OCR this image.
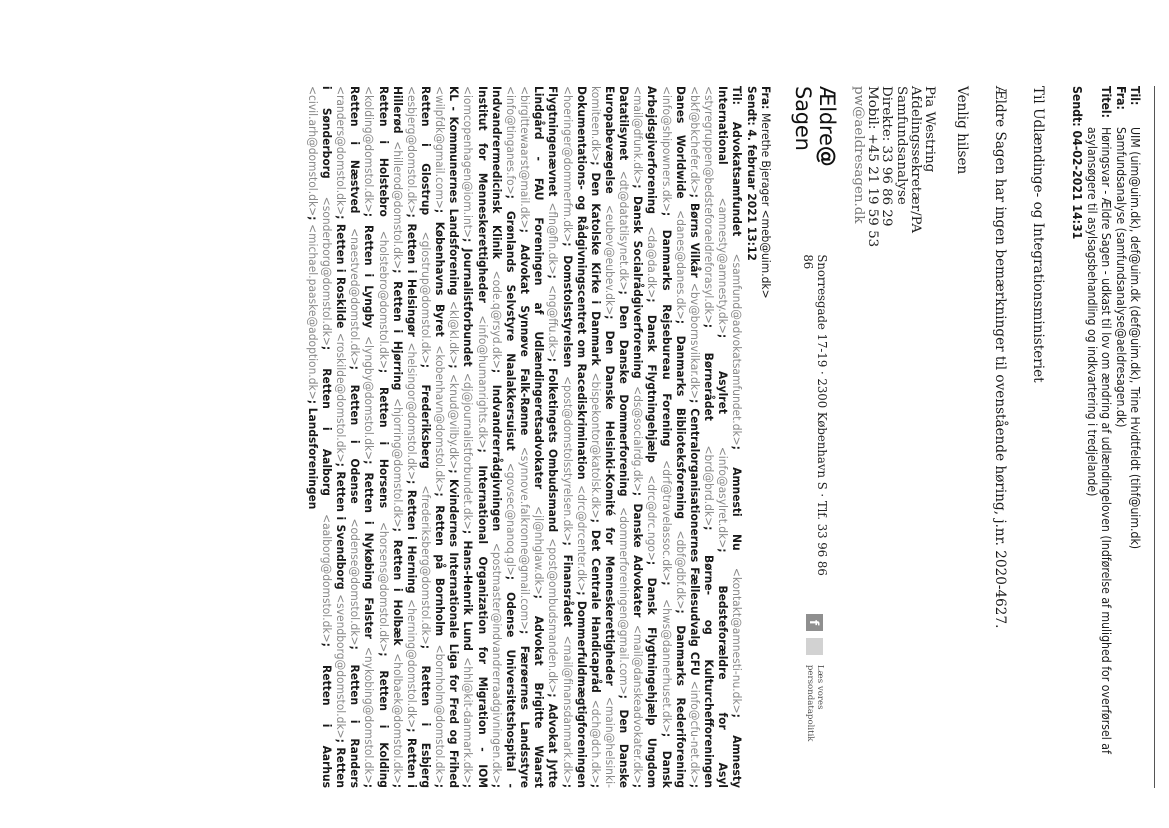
Til:
UIM (uim@uim.dk), def@uim.dk (def@uim.dk), Trine Hvidtfeldt (tihf@uim.dk)
Fra:
Samfundsanalyse (samfundsanalyse@aeldresagen.dk)
Titel:
Høringsvar - Ældre Sagen - udkast til lov om ændring af udlændingeloven (Indførelse af mulighed for overførsel af asylansøgere til asylsagsbehandling og indkvartering i tredjelande)
Sendt: 04-02-2021 14:31
Til Udlændinge- og Integrationsministeriet
Ældre Sagen har ingen bemærkninger til ovenstående høring, j.nr. 2020-4627.
Venlig hilsen
Pia Westring
Afdelingssekretær/PA
Samfundsanalyse
Direkte: 33 96 86 29
Mobil: +45 21 19 59 53
pw@aeldresagen.dk
Ældre@Sagen
Snorresgade 17-19 · 2300 København S · Tlf. 33 96 86 86
f
Læs vores persondatapolitik
Fra: Merethe Bjerager <meb@uim.dk>
Sendt: 4. februar 2021 13:12
Til: Advokatsamfundet <samfund@advokatsamfundet.dk>; Amnesti Nu <kontakt@amnesti-nu.dk>; Amnesty International <amnesty@amnesty.dk>; Asylret <info@asylret.dk>; Bedsteforældre for Asyl <styregruppen@bedsteforaeldreforasyl.dk>; Børnerådet <brd@brd.dk>; Børne- og Kulturchefforeningen <bkf@bkchefer.dk>; Børns Vilkår <bv@bornsvilkar.dk>; Centralorganisationernes Fællesudvalg CFU <info@cfu-net.dk>; Danes Worldwide <danes@danes.dk>; Danmarks Biblioteksforening <dbf@dbf.dk>; Danmarks Rederiforening <info@shipowners.dk>; Danmarks Rejsebureau Forening <drf@travelassoc.dk>; <hws@dannerhuset.dk>; Dansk Arbejdsgiverforening <da@da.dk>; Dansk Flygtningehjælp <drc@drc.ngo>; Dansk Flygtningehjælp Ungdom <mail@dfunk.dk>; Dansk Socialrådgiverforening <ds@socialrdg.dk>; Danske Advokater <mail@danskeadvokater.dk>; Datatilsynet <dt@datatilsynet.dk>; Den Danske Dommerforening <dommerforeningen@gmail.com>; Den Danske Europabevægelse <eubev@eubev.dk>; Den Danske Helsinki-Komité for Menneskerettigheder <main@helsinki-komiteen.dk>; Den Katolske Kirke i Danmark <bispekontor@katolsk.dk>; Det Centrale Handicapråd <dch@dch.dk>; Dokumentations- og Rådgivningscentret om Racediskrimination <drc@drcenter.dk>; Dommerfuldmægtigforeningen <hoeringer@dommerfm.dk>; Domstolsstyrelsen <post@domstolsstyrelsen.dk>; Finansrådet <mail@finansdanmark.dk>; Flygtningenævnet <fln@fln.dk>; <ng@ffu.dk>; Folketingets Ombudsmand <post@ombudsmanden.dk>; Advokat Jytte Lindgård - FAU Foreningen af Udlændingeretsadvokater <jl@nhglaw.dk>; Advokat Brigitte Waarst <birgittewaarst@mail.dk>; Advokat Synnøve Falk-Rønne <synnove.falkronne@gmail.com>; Færøernes Landsstyre <info@tinganes.fo>; Grønlands Selvstyre Naalakkersuisut <govsec@nanoq.gl>; Odense Universitetshospital - Indvandrermedicinsk Klinik <ode.q@rsyd.dk>; Indvandrerrådgivningen <postmaster@indvandrerraadgivningen.dk>; Institut for Menneskerettigheder <info@humanrights.dk>; International Organization for Migration - IOM <iomcopenhagen@iom.int>; Journalistforbundet <dj@journalistforbundet.dk>; Hans-Henrik Lund <hhl@kit-danmark.dk>; KL - Kommunernes Landsforening <kl@kl.dk>; <knud@vilby.dk>; Kvindernes Internationale Liga for Fred og Frihed <wilpfdk@gmail.com>; Københavns Byret <kobenhavn@domstol.dk>; Retten på Bornholm <bornholm@domstol.dk>; Retten i Glostrup <glostrup@domstol.dk>; Frederiksberg <frederiksberg@domstol.dk>; Retten i Esbjerg <esbjerg@domstol.dk>; Retten i Helsingør <helsingor@domstol.dk>; Retten i Herning <herning@domstol.dk>; Retten i Hillerød <hillerod@domstol.dk>; Retten i Hjørring <hjorring@domstol.dk>; Retten i Holbæk <holbaek@domstol.dk>; Retten i Holstebro <holstebro@domstol.dk>; Retten i Horsens <horsens@domstol.dk>; Retten i Kolding <kolding@domstol.dk>; Retten i Lyngby <lyngby@domstol.dk>; Retten i Nykøbing Falster <nykobing@domstol.dk>; Retten i Næstved <naestved@domstol.dk>; Retten i Odense <odense@domstol.dk>; Retten i Randers <randers@domstol.dk>; Retten i Roskilde <roskilde@domstol.dk>; Retten i Svendborg <svendborg@domstol.dk>; Retten i Sønderborg <sonderborg@domstol.dk>; Retten i Aalborg <aalborg@domstol.dk>; Retten i Aarhus <civil.arh@domstol.dk>; <michael.paaske@adoption.dk>; Landsforeningen
